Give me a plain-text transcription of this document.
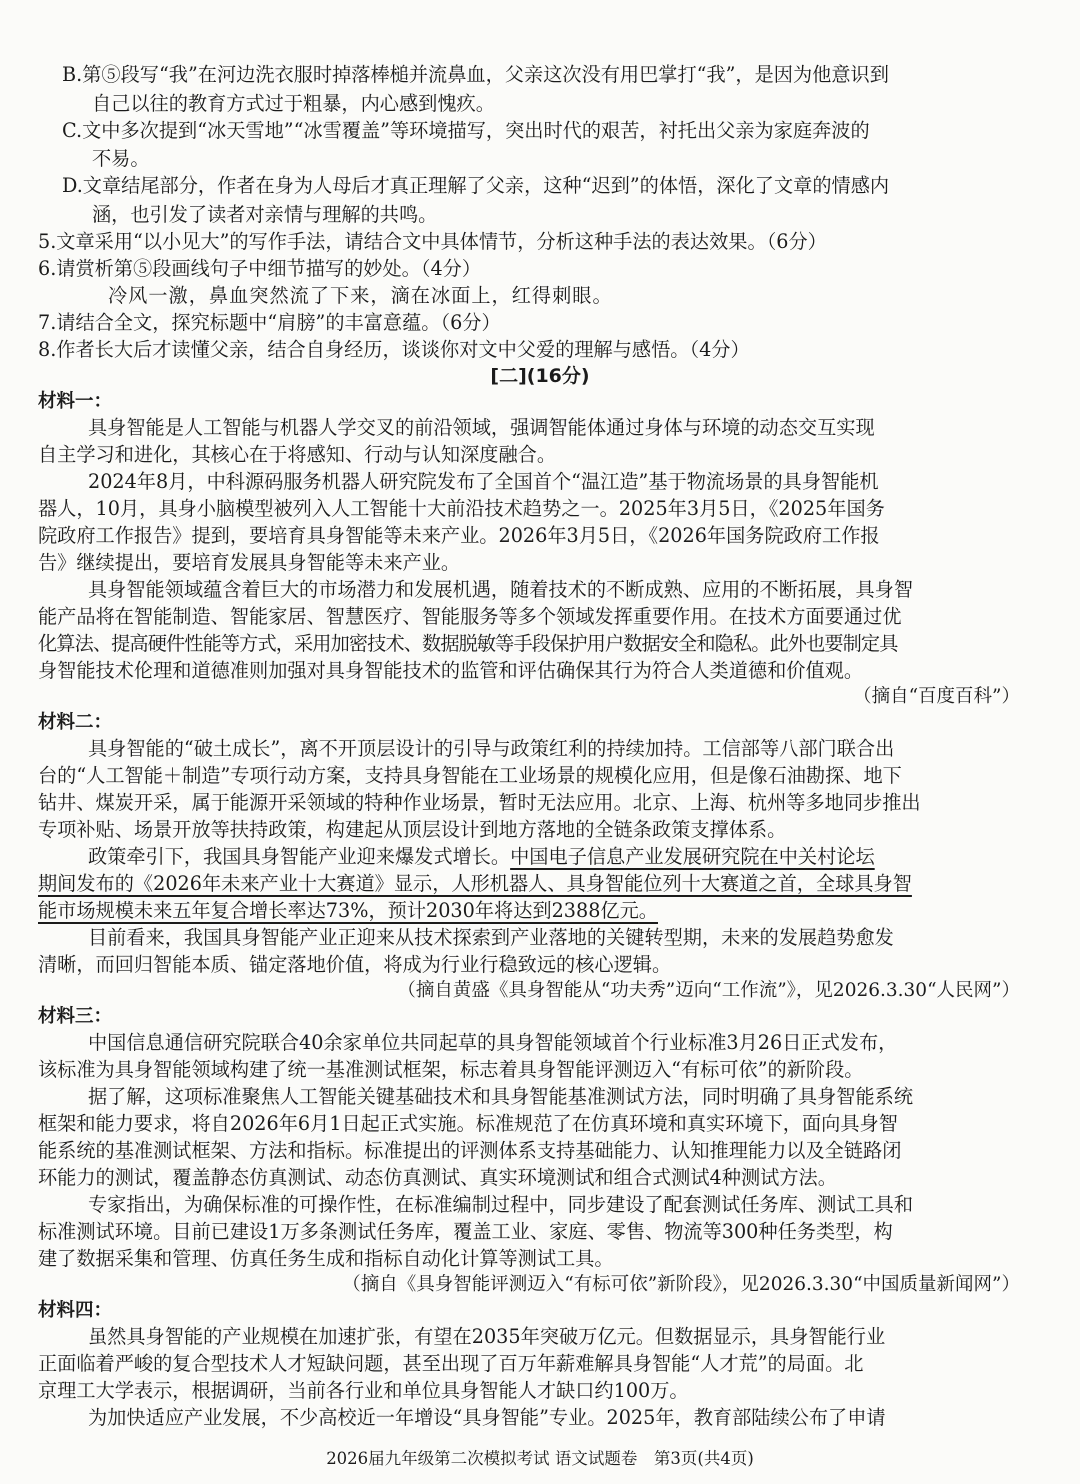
B.第⑤段写“我”在河边洗衣服时掉落棒槌并流鼻血，父亲这次没有用巴掌打“我”，是因为他意识到
自己以往的教育方式过于粗暴，内心感到愧疚。
C.文中多次提到“冰天雪地”“冰雪覆盖”等环境描写，突出时代的艰苦，衬托出父亲为家庭奔波的
不易。
D.文章结尾部分，作者在身为人母后才真正理解了父亲，这种“迟到”的体悟，深化了文章的情感内
涵，也引发了读者对亲情与理解的共鸣。
5.文章采用“以小见大”的写作手法，请结合文中具体情节，分析这种手法的表达效果。（6分）
6.请赏析第⑤段画线句子中细节描写的妙处。（4分）
冷风一激，鼻血突然流了下来，滴在冰面上，红得刺眼。
7.请结合全文，探究标题中“肩膀”的丰富意蕴。（6分）
8.作者长大后才读懂父亲，结合自身经历，谈谈你对文中父爱的理解与感悟。（4分）
[二](16分)
材料一：
具身智能是人工智能与机器人学交叉的前沿领域，强调智能体通过身体与环境的动态交互实现
自主学习和进化，其核心在于将感知、行动与认知深度融合。
2024年8月，中科源码服务机器人研究院发布了全国首个“温江造”基于物流场景的具身智能机
器人，10月，具身小脑模型被列入人工智能十大前沿技术趋势之一。2025年3月5日，《2025年国务
院政府工作报告》提到，要培育具身智能等未来产业。2026年3月5日，《2026年国务院政府工作报
告》继续提出，要培育发展具身智能等未来产业。
具身智能领域蕴含着巨大的市场潜力和发展机遇，随着技术的不断成熟、应用的不断拓展，具身智
能产品将在智能制造、智能家居、智慧医疗、智能服务等多个领域发挥重要作用。在技术方面要通过优
化算法、提高硬件性能等方式，采用加密技术、数据脱敏等手段保护用户数据安全和隐私。此外也要制定具
身智能技术伦理和道德准则加强对具身智能技术的监管和评估确保其行为符合人类道德和价值观。
（摘自“百度百科”）
材料二：
具身智能的“破土成长”，离不开顶层设计的引导与政策红利的持续加持。工信部等八部门联合出
台的“人工智能＋制造”专项行动方案，支持具身智能在工业场景的规模化应用，但是像石油勘探、地下
钻井、煤炭开采，属于能源开采领域的特种作业场景，暂时无法应用。北京、上海、杭州等多地同步推出
专项补贴、场景开放等扶持政策，构建起从顶层设计到地方落地的全链条政策支撑体系。
政策牵引下，我国具身智能产业迎来爆发式增长。中国电子信息产业发展研究院在中关村论坛
期间发布的《2026年未来产业十大赛道》显示，人形机器人、具身智能位列十大赛道之首，全球具身智
能市场规模未来五年复合增长率达73%，预计2030年将达到2388亿元。
目前看来，我国具身智能产业正迎来从技术探索到产业落地的关键转型期，未来的发展趋势愈发
清晰，而回归智能本质、锚定落地价值，将成为行业行稳致远的核心逻辑。
（摘自黄盛《具身智能从“功夫秀”迈向“工作流”》，见2026.3.30“人民网”）
材料三：
中国信息通信研究院联合40余家单位共同起草的具身智能领域首个行业标准3月26日正式发布，
该标准为具身智能领域构建了统一基准测试框架，标志着具身智能评测迈入“有标可依”的新阶段。
据了解，这项标准聚焦人工智能关键基础技术和具身智能基准测试方法，同时明确了具身智能系统
框架和能力要求，将自2026年6月1日起正式实施。标准规范了在仿真环境和真实环境下，面向具身智
能系统的基准测试框架、方法和指标。标准提出的评测体系支持基础能力、认知推理能力以及全链路闭
环能力的测试，覆盖静态仿真测试、动态仿真测试、真实环境测试和组合式测试4种测试方法。
专家指出，为确保标准的可操作性，在标准编制过程中，同步建设了配套测试任务库、测试工具和
标准测试环境。目前已建设1万多条测试任务库，覆盖工业、家庭、零售、物流等300种任务类型，构
建了数据采集和管理、仿真任务生成和指标自动化计算等测试工具。
（摘自《具身智能评测迈入“有标可依”新阶段》，见2026.3.30“中国质量新闻网”）
材料四：
虽然具身智能的产业规模在加速扩张，有望在2035年突破万亿元。但数据显示，具身智能行业
正面临着严峻的复合型技术人才短缺问题，甚至出现了百万年薪难解具身智能“人才荒”的局面。北
京理工大学表示，根据调研，当前各行业和单位具身智能人才缺口约100万。
为加快适应产业发展，不少高校近一年增设“具身智能”专业。2025年，教育部陆续公布了申请
2026届九年级第二次模拟考试 语文试题卷　第3页(共4页)
